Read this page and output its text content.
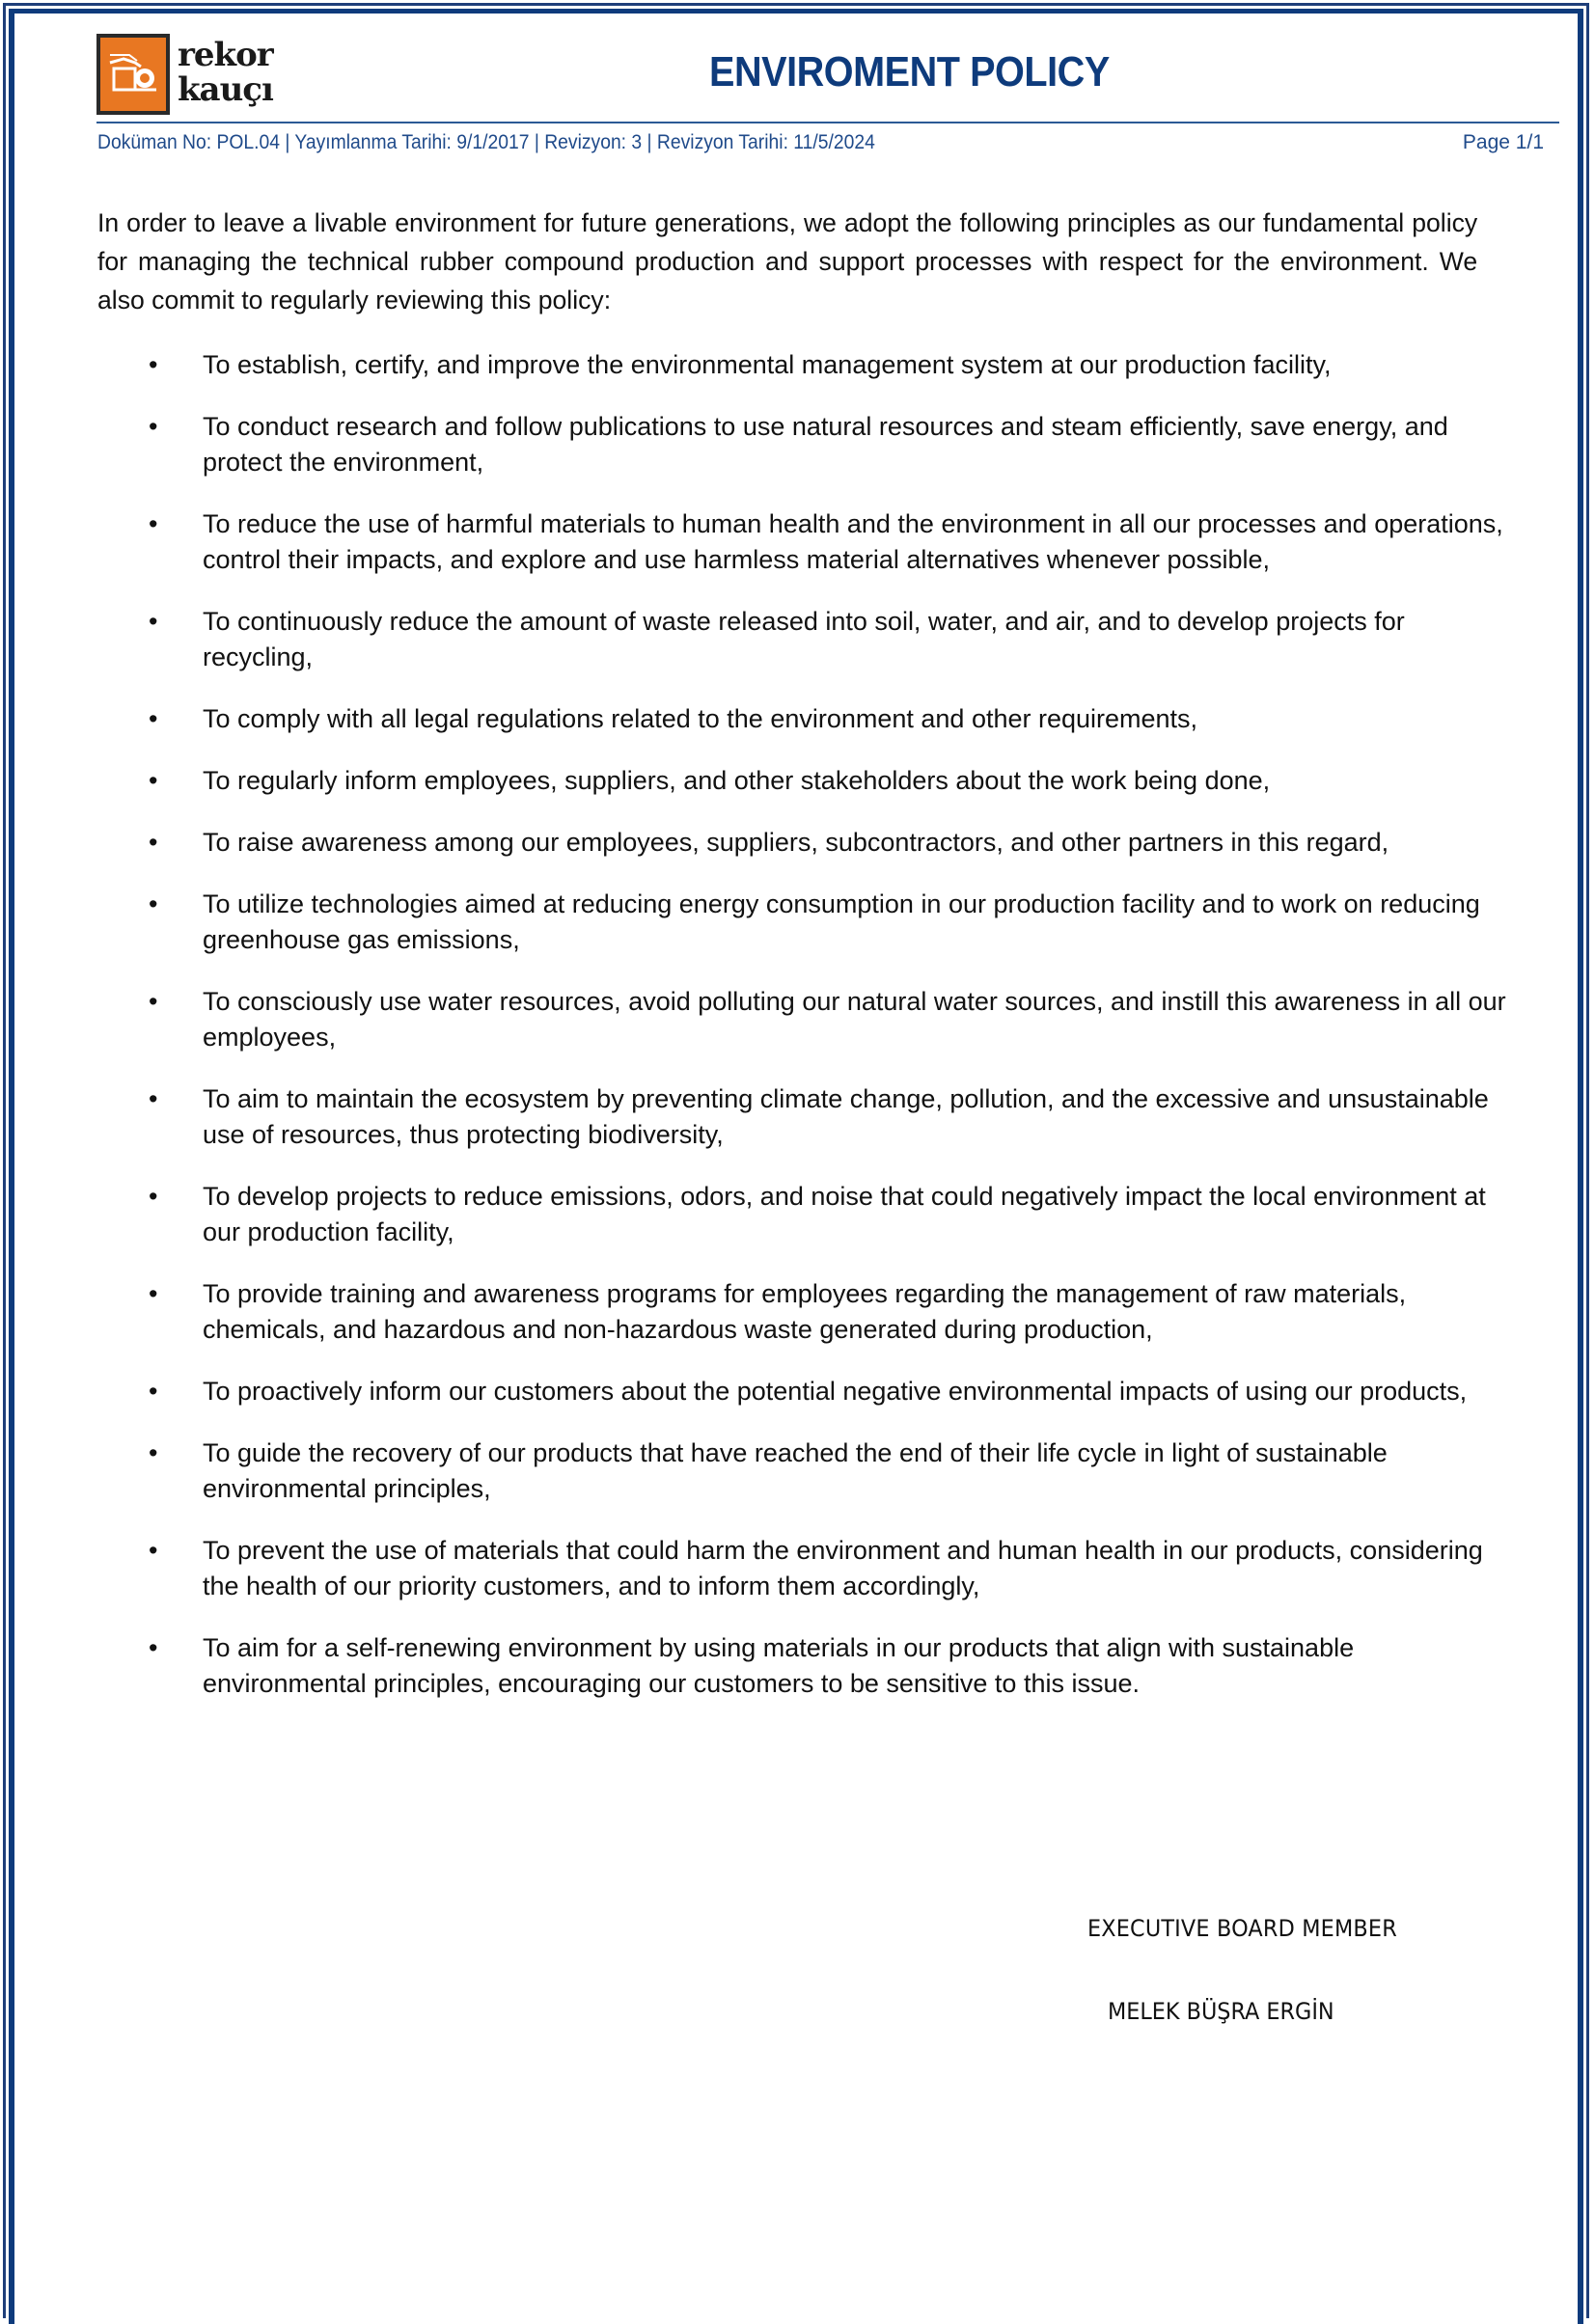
rekor
kauçı	ENVIROMENT POLICY
Doküman No: POL.04 | Yayımlanma Tarihi: 9/1/2017 | Revizyon: 3 | Revizyon Tarihi: 11/5/2024	Page 1/1

In order to leave a livable environment for future generations, we adopt the following principles as our fundamental policy for managing the technical rubber compound production and support processes with respect for the environment. We also commit to regularly reviewing this policy:

• To establish, certify, and improve the environmental management system at our production facility,
• To conduct research and follow publications to use natural resources and steam efficiently, save energy, and protect the environment,
• To reduce the use of harmful materials to human health and the environment in all our processes and operations, control their impacts, and explore and use harmless material alternatives whenever possible,
• To continuously reduce the amount of waste released into soil, water, and air, and to develop projects for recycling,
• To comply with all legal regulations related to the environment and other requirements,
• To regularly inform employees, suppliers, and other stakeholders about the work being done,
• To raise awareness among our employees, suppliers, subcontractors, and other partners in this regard,
• To utilize technologies aimed at reducing energy consumption in our production facility and to work on reducing greenhouse gas emissions,
• To consciously use water resources, avoid polluting our natural water sources, and instill this awareness in all our employees,
• To aim to maintain the ecosystem by preventing climate change, pollution, and the excessive and unsustainable use of resources, thus protecting biodiversity,
• To develop projects to reduce emissions, odors, and noise that could negatively impact the local environment at our production facility,
• To provide training and awareness programs for employees regarding the management of raw materials, chemicals, and hazardous and non-hazardous waste generated during production,
• To proactively inform our customers about the potential negative environmental impacts of using our products,
• To guide the recovery of our products that have reached the end of their life cycle in light of sustainable environmental principles,
• To prevent the use of materials that could harm the environment and human health in our products, considering the health of our priority customers, and to inform them accordingly,
• To aim for a self-renewing environment by using materials in our products that align with sustainable environmental principles, encouraging our customers to be sensitive to this issue.
EXECUTIVE BOARD MEMBER
MELEK BÜŞRA ERGİN
